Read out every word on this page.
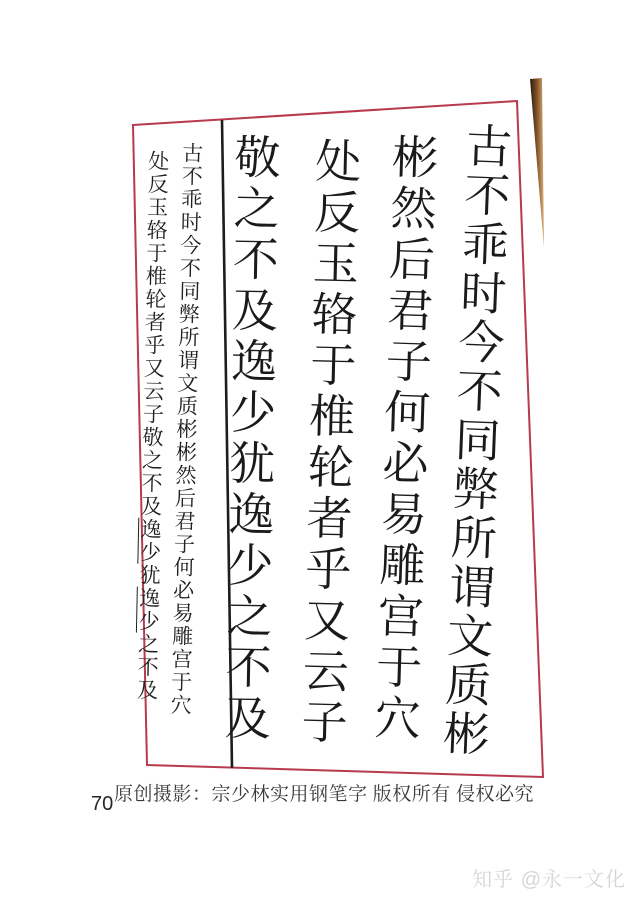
古不乖时今不同弊所谓文质彬
彬然后君子何必易雕宫于穴
处反玉辂于椎轮者乎又云子
敬之不及逸少犹逸少之不及
古不乖时今不同弊所谓文质彬彬然后君子何必易雕宫于穴
处反玉辂于椎轮者乎又云子敬之不及逸少犹逸少之不及
原创摄影：宗少林实用钢笔字 版权所有 侵权必究
70
知乎 @永一文化
